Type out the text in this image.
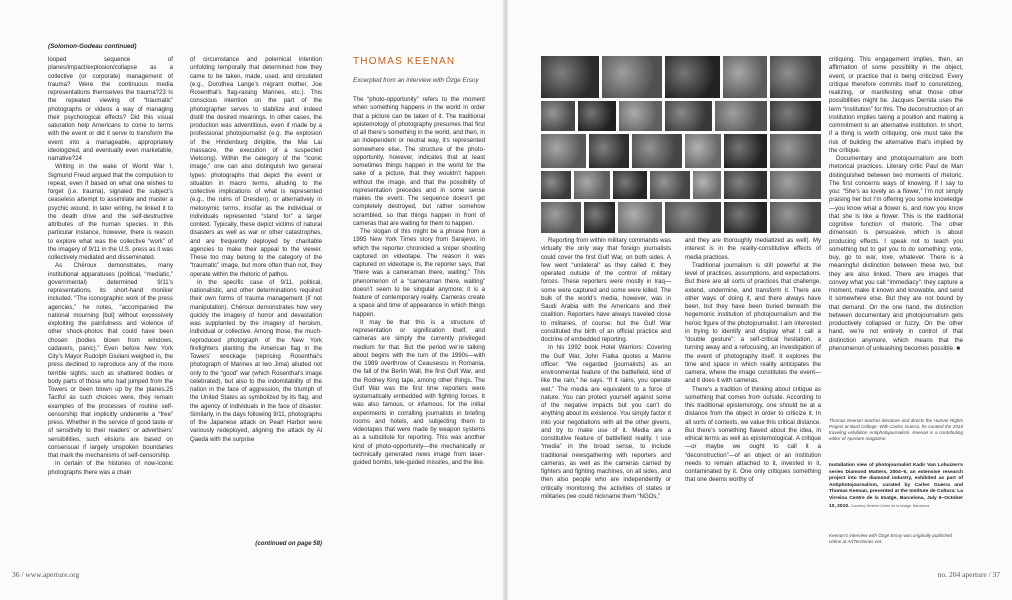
(Solomon-Godeau continued)

looped sequence of planes/impact/explosion/collapse as a collective (or corporate) management of trauma? Were the continuous media representations themselves the trauma?23 Is the repeated viewing of “traumatic” photographs or videos a way of managing their psychological effects? Did this visual saturation help Americans to come to terms with the event or did it serve to transform the event into a manageable, appropriately ideologized, and eventually even marketable, narrative?24

Writing in the wake of World War I, Sigmund Freud argued that the compulsion to repeat, even if based on what one wishes to forget (i.e. trauma), signaled the subject’s ceaseless attempt to assimilate and master a psychic wound. In later writing, he linked it to the death drive and the self-destructive attributes of the human species. In this particular instance, however, there is reason to explore what was the collective “work” of the imagery of 9/11 in the U.S. press as it was collectively mediated and disseminated.

As Chéroux demonstrates, many institutional apparatuses (political, “mediatic,” governmental) determined 9/11’s representations, its short-hand moniker included. “The iconographic work of the press agencies,” he notes, “accompanied the national mourning [but] without excessively exploiting the painfulness and violence of other shock-photos that could have been chosen (bodies blown from windows, cadavers, panic).” Even before New York City’s Mayor Rudolph Giuliani weighed in, the press declined to reproduce any of the more terrible sights, such as shattered bodies or body parts of those who had jumped from the Towers or been blown up by the planes.25 Tactful as such choices were, they remain examples of the processes of routine self-censorship that implicitly underwrite a “free” press. Whether in the service of good taste or of sensitivity to their readers’ or advertisers’ sensibilities, such elisions are based on consensual if largely unspoken boundaries that mark the mechanisms of self-censorship.

In certain of the histories of now-iconic photographs there was a chain

of circumstance and polemical intention unfolding temporally that determined how they came to be taken, made, used, and circulated (e.g., Dorothea Lange’s migrant mother, Joe Rosenthal’s flag-raising Marines, etc.). This conscious intention on the part of the photographer serves to stabilize and indeed distill the desired meanings. In other cases, the production was adventitious, even if made by a professional photojournalist (e.g. the explosion of the Hindenburg dirigible, the Mai Lai massacre, the execution of a suspected Vietcong). Within the category of the “iconic image,” one can also distinguish two general types: photographs that depict the event or situation in macro terms, alluding to the collective implications of what is represented (e.g., the ruins of Dresden), or alternatively in metonymic terms, insofar as the individual or individuals represented “stand for” a larger context. Typically, these depict victims of natural disasters as well as war or other catastrophes, and are frequently deployed by charitable agencies to make their appeal to the viewer. These too may belong to the category of the “traumatic” image, but more often than not, they operate within the rhetoric of pathos.

In the specific case of 9/11, political, nationalistic, and other determinations required their own forms of trauma management (if not manipulation). Chéroux demonstrates how very quickly the imagery of horror and devastation was supplanted by the imagery of heroism, individual or collective. Among those, the much-reproduced photograph of the New York firefighters planting the American flag in the Towers’ wreckage (reprising Rosenthal’s photograph of Marines at Iwo Jima) alluded not only to the “good” war (which Rosenthal’s image celebrated), but also to the indomitability of the nation in the face of aggression, the triumph of the United States as symbolized by its flag, and the agency of individuals in the face of disaster. Similarly, in the days following 9/11, photographs of the Japanese attack on Pearl Harbor were variously redeployed, aligning the attack by Al Qaeda with the surprise

(continued on page 58)
THOMAS KEENAN
Excerpted from an interview with Özge Ersoy

The “photo-opportunity” refers to the moment when something happens in the world in order that a picture can be taken of it. The traditional epistemology of photography presumes that first of all there’s something in the world, and then, in an independent or neutral way, it’s represented somewhere else. The structure of the photo-opportunity, however, indicates that at least sometimes things happen in the world for the sake of a picture, that they wouldn’t happen without the image, and that the possibility of representation precedes and in some sense makes the event. The sequence doesn’t get completely destroyed, but rather somehow scrambled, so that things happen in front of cameras that are waiting for them to happen.

The slogan of this might be a phrase from a 1995 New York Times story from Sarajevo, in which the reporter chronicled a sniper shooting captured on videotape. The reason it was captured on videotape is, the reporter says, that “there was a cameraman there, waiting.” This phenomenon of a “cameraman there, waiting” doesn’t seem to be singular anymore; it is a feature of contemporary reality. Cameras create a space and time of appearance in which things happen.

It may be that this is a structure of representation or signification itself, and cameras are simply the currently privileged medium for that. But the period we’re talking about begins with the turn of the 1990s—with the 1989 overthrow of Ceausescu in Romania, the fall of the Berlin Wall, the first Gulf War, and the Rodney King tape, among other things. The Gulf War was the first time reporters were systematically embedded with fighting forces. It was also famous, or infamous, for the initial experiments in corralling journalists in briefing rooms and hotels, and subjecting them to videotapes that were made by weapon systems as a substitute for reporting. This was another kind of photo-opportunity—the mechanically or technically generated news image from laser-guided bombs, tele-guided missiles, and the like.

36 / www.aperture.org

Reporting from within military commands was virtually the only way that foreign journalists could cover the first Gulf War, on both sides. A few went “unilateral” as they called it; they operated outside of the control of military forces. These reporters were mostly in Iraq—some were captured and some were killed. The bulk of the world’s media, however, was in Saudi Arabia with the Americans and their coalition. Reporters have always traveled close to militaries, of course; but the Gulf War constituted the birth of an official practice and doctrine of embedded reporting.

In his 1992 book Hotel Warriors: Covering the Gulf War, John Fialka quotes a Marine officer: “We regarded [journalists] as an environmental feature of the battlefield, kind of like the rain,” he says. “If it rains, you operate wet.” The media are equivalent to a force of nature. You can protect yourself against some of the negative impacts but you can’t do anything about its existence. You simply factor it into your negotiations with all the other givens, and try to make use of it. Media are a constitutive feature of battlefield reality. I use “media” in the broad sense, to include traditional newsgathering with reporters and cameras, as well as the cameras carried by fighters and fighting machines, on all sides, and then also people who are independently or critically monitoring the activities of states or militaries (we could nickname them “NGOs,”

and they are thoroughly mediatized as well). My interest is in the reality-constitutive effects of media practices.

Traditional journalism is still powerful at the level of practices, assumptions, and expectations. But there are all sorts of practices that challenge, extend, undermine, and transform it. There are other ways of doing it, and there always have been, but they have been buried beneath the hegemonic institution of photojournalism and the heroic figure of the photojournalist. I am interested in trying to identify and display what I call a “double gesture”: a self-critical hesitation, a turning away and a refocusing, an investigation of the event of photography itself. It explores the time and space in which reality anticipates the camera, where the image constitutes the event—and it does it with cameras.

There’s a tradition of thinking about critique as something that comes from outside. According to this traditional epistemology, one should be at a distance from the object in order to criticize it. In all sorts of contexts, we value this critical distance. But there’s something flawed about the idea, in ethical terms as well as epistemological. A critique—or maybe we ought to call it a “deconstruction”—of an object or an institution needs to remain attached to it, invested in it, contaminated by it. One only critiques something that one deems worthy of

critiquing. This engagement implies, then, an affirmation of some possibility in the object, event, or practice that is being criticized. Every critique therefore commits itself to concretizing, realizing, or manifesting what those other possibilities might be. Jacques Derrida uses the term “institution” for this. The deconstruction of an institution implies taking a position and making a commitment to an alternative institution. In short, if a thing is worth critiquing, one must take the risk of building the alternative that’s implied by the critique.

Documentary and photojournalism are both rhetorical practices. Literary critic Paul de Man distinguished between two moments of rhetoric. The first concerns ways of knowing. If I say to you: “She’s as lovely as a flower,” I’m not simply praising her but I’m offering you some knowledge—you know what a flower is, and now you know that she is like a flower. This is the traditional cognitive function of rhetoric. The other dimension is persuasive, which is about producing effects. I speak not to teach you something but to get you to do something: vote, buy, go to war, love, whatever. There is a meaningful distinction between these two, but they are also linked. There are images that convey what you call “immediacy”: they capture a moment, make it known and knowable, and send it somewhere else. But they are not bound by that demand. On the one hand, the distinction between documentary and photojournalism gets productively collapsed or fuzzy. On the other hand, we’re not entirely in control of that distinction anymore, which means that the phenomenon of unleashing becomes possible. ■

Thomas Keenan teaches literature and directs the Human Rights Project at Bard College. With Carles Guerra, he curated the 2010 traveling exhibition Antiphotojournalism. Keenan is a contributing editor of Aperture magazine.
Installation view of photojournalist Kadir Van Lohuizen’s series Diamond Matters, 2004–5, an extensive research project into the diamond industry, exhibited as part of Antiphotojournalism, curated by Carles Guerra and Thomas Keenan, presented at the Institute de Cultura: La Virreina Centre de la Imatge, Barcelona, July 6–October 10, 2010. Courtesy Virreina Centre de la Imatge, Barcelona
Keenan’s interview with Özge Ersoy was originally published online at ArtTerritories.net.
no. 204 aperture / 37
